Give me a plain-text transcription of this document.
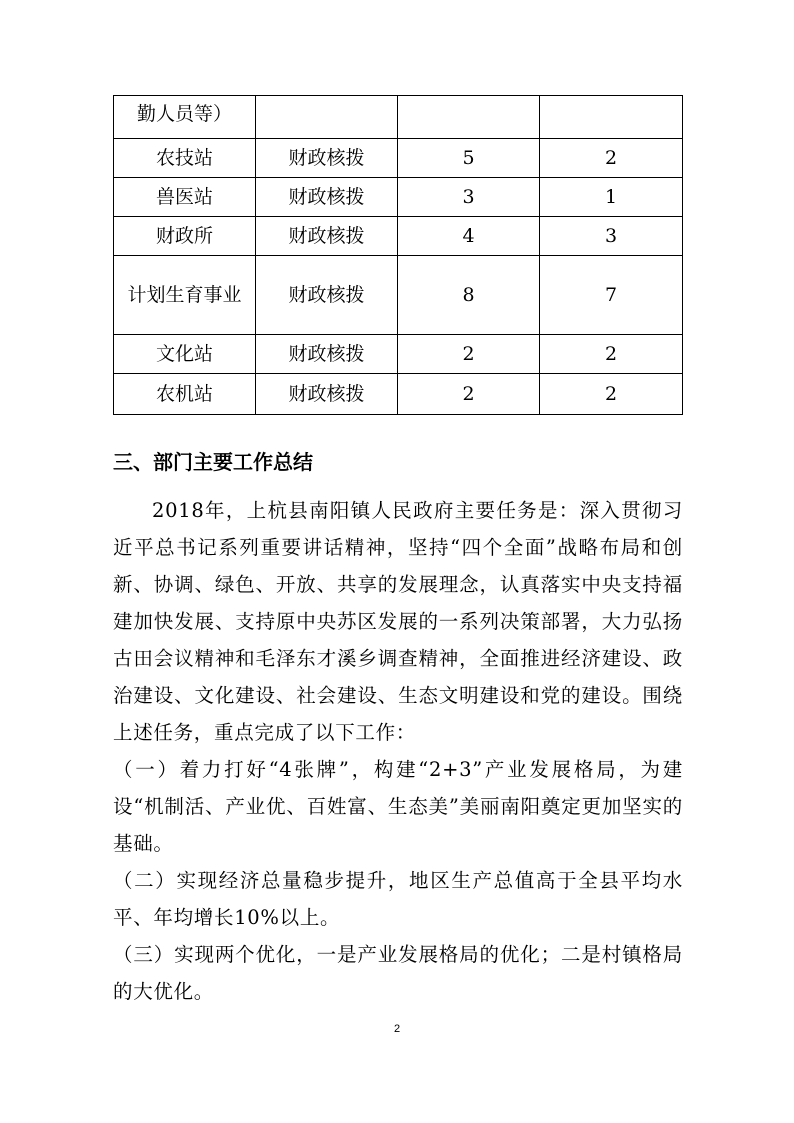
勤人员等）			
农技站	财政核拨	5	2
兽医站	财政核拨	3	1
财政所	财政核拨	4	3
计划生育事业	财政核拨	8	7
文化站	财政核拨	2	2
农机站	财政核拨	2	2
三、部门主要工作总结

2018年，上杭县南阳镇人民政府主要任务是：深入贯彻习近平总书记系列重要讲话精神，坚持“四个全面”战略布局和创新、协调、绿色、开放、共享的发展理念，认真落实中央支持福建加快发展、支持原中央苏区发展的一系列决策部署，大力弘扬古田会议精神和毛泽东才溪乡调查精神，全面推进经济建设、政治建设、文化建设、社会建设、生态文明建设和党的建设。围绕上述任务，重点完成了以下工作：

（一）着力打好“4张牌”，构建“2+3”产业发展格局，为建设“机制活、产业优、百姓富、生态美”美丽南阳奠定更加坚实的基础。

（二）实现经济总量稳步提升，地区生产总值高于全县平均水平、年均增长10%以上。

（三）实现两个优化，一是产业发展格局的优化；二是村镇格局的大优化。

2
